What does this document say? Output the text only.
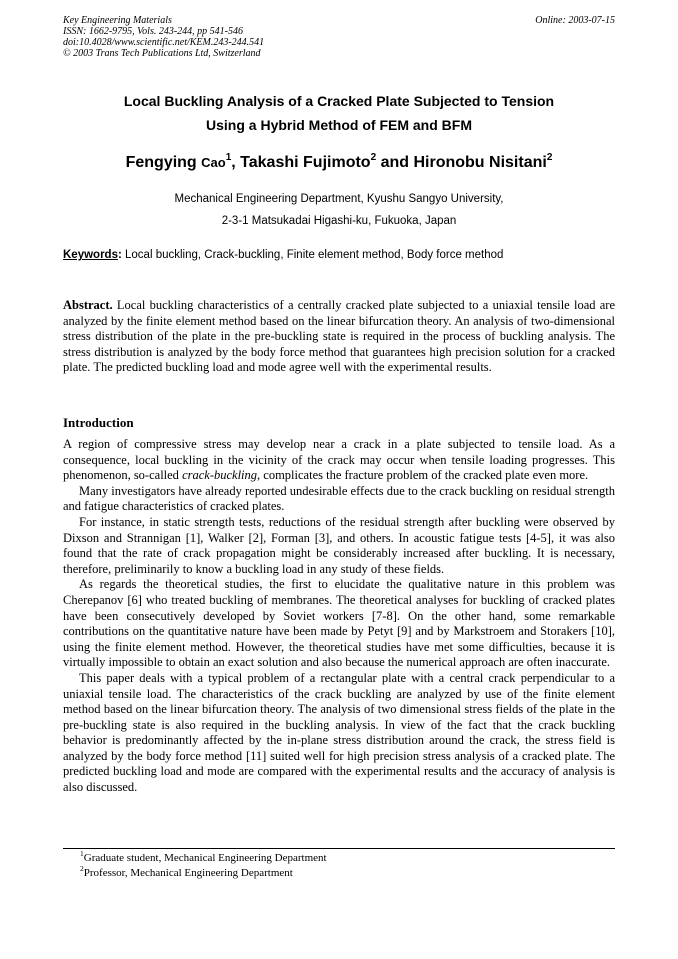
Key Engineering Materials
ISSN: 1662-9795, Vols. 243-244, pp 541-546
doi:10.4028/www.scientific.net/KEM.243-244.541
© 2003 Trans Tech Publications Ltd, Switzerland
Online: 2003-07-15
Local Buckling Analysis of a Cracked Plate Subjected to Tension
Using a Hybrid Method of FEM and BFM
Fengying Cao$^1$, Takashi Fujimoto$^2$ and Hironobu Nisitani$^2$
Mechanical Engineering Department, Kyushu Sangyo University,
2-3-1 Matsukadai Higashi-ku, Fukuoka, Japan
Keywords: Local buckling, Crack-buckling, Finite element method, Body force method
Abstract. Local buckling characteristics of a centrally cracked plate subjected to a uniaxial tensile load are analyzed by the finite element method based on the linear bifurcation theory. An analysis of two-dimensional stress distribution of the plate in the pre-buckling state is required in the process of buckling analysis. The stress distribution is analyzed by the body force method that guarantees high precision solution for a cracked plate. The predicted buckling load and mode agree well with the experimental results.
Introduction

A region of compressive stress may develop near a crack in a plate subjected to tensile load. As a consequence, local buckling in the vicinity of the crack may occur when tensile loading progresses. This phenomenon, so-called crack-buckling, complicates the fracture problem of the cracked plate even more.

Many investigators have already reported undesirable effects due to the crack buckling on residual strength and fatigue characteristics of cracked plates.

For instance, in static strength tests, reductions of the residual strength after buckling were observed by Dixson and Strannigan [1], Walker [2], Forman [3], and others. In acoustic fatigue tests [4-5], it was also found that the rate of crack propagation might be considerably increased after buckling. It is necessary, therefore, preliminarily to know a buckling load in any study of these fields.

As regards the theoretical studies, the first to elucidate the qualitative nature in this problem was Cherepanov [6] who treated buckling of membranes. The theoretical analyses for buckling of cracked plates have been consecutively developed by Soviet workers [7-8]. On the other hand, some remarkable contributions on the quantitative nature have been made by Petyt [9] and by Markstroem and Storakers [10], using the finite element method. However, the theoretical studies have met some difficulties, because it is virtually impossible to obtain an exact solution and also because the numerical approach are often inaccurate.

This paper deals with a typical problem of a rectangular plate with a central crack perpendicular to a uniaxial tensile load. The characteristics of the crack buckling are analyzed by use of the finite element method based on the linear bifurcation theory. The analysis of two dimensional stress fields of the plate in the pre-buckling state is also required in the buckling analysis. In view of the fact that the crack buckling behavior is predominantly affected by the in-plane stress distribution around the crack, the stress field is analyzed by the body force method [11] suited well for high precision stress analysis of a cracked plate. The predicted buckling load and mode are compared with the experimental results and the accuracy of analysis is also discussed.

$^1$Graduate student, Mechanical Engineering Department
$^2$Professor, Mechanical Engineering Department
